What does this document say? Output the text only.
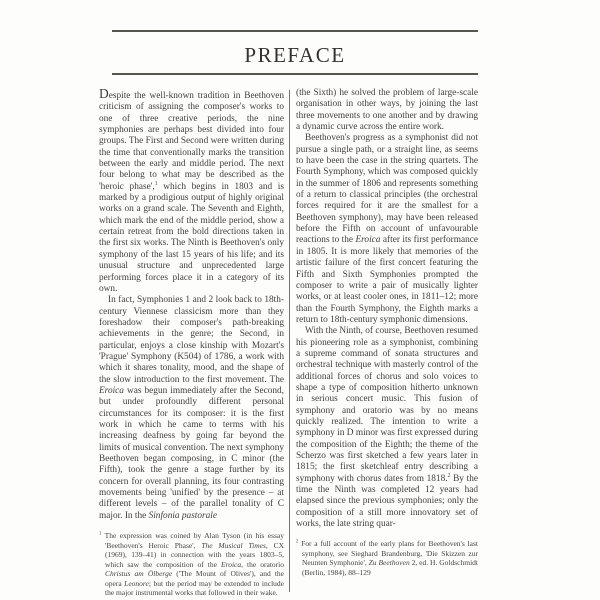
PREFACE

Despite the well-known tradition in Beethoven criticism of assigning the composer's works to one of three creative periods, the nine symphonies are perhaps best divided into four groups. The First and Second were written during the time that conventionally marks the transition between the early and middle period. The next four belong to what may be described as the 'heroic phase',$^1$ which begins in 1803 and is marked by a prodigious output of highly original works on a grand scale. The Seventh and Eighth, which mark the end of the middle period, show a certain retreat from the bold directions taken in the first six works. The Ninth is Beethoven's only symphony of the last 15 years of his life; and its unusual structure and unprecedented large performing forces place it in a category of its own.

In fact, Symphonies 1 and 2 look back to 18th-century Viennese classicism more than they foreshadow their composer's path-breaking achievements in the genre; the Second, in particular, enjoys a close kinship with Mozart's 'Prague' Symphony (K504) of 1786, a work with which it shares tonality, mood, and the shape of the slow introduction to the first movement. The Eroica was begun immediately after the Second, but under profoundly different personal circumstances for its composer: it is the first work in which he came to terms with his increasing deafness by going far beyond the limits of musical convention. The next symphony Beethoven began composing, in C minor (the Fifth), took the genre a stage further by its concern for overall planning, its four contrasting movements being 'unified' by the presence – at different levels – of the parallel tonality of C major. In the Sinfonia pastorale

$^1$ The expression was coined by Alan Tyson (in his essay 'Beethoven's Heroic Phase', The Musical Times, CX (1969), 139–41) in connection with the years 1803–5, which saw the composition of the Eroica, the oratorio Christus am Ölberge ('The Mount of Olives'), and the opera Leonore; but the period may be extended to include the major instrumental works that followed in their wake.

(the Sixth) he solved the problem of large-scale organisation in other ways, by joining the last three movements to one another and by drawing a dynamic curve across the entire work.

Beethoven's progress as a symphonist did not pursue a single path, or a straight line, as seems to have been the case in the string quartets. The Fourth Symphony, which was composed quickly in the summer of 1806 and represents something of a return to classical principles (the orchestral forces required for it are the smallest for a Beethoven symphony), may have been released before the Fifth on account of unfavourable reactions to the Eroica after its first performance in 1805. It is more likely that memories of the artistic failure of the first concert featuring the Fifth and Sixth Symphonies prompted the composer to write a pair of musically lighter works, or at least cooler ones, in 1811–12; more than the Fourth Symphony, the Eighth marks a return to 18th-century symphonic dimensions.

With the Ninth, of course, Beethoven resumed his pioneering role as a symphonist, combining a supreme command of sonata structures and orchestral technique with masterly control of the additional forces of chorus and solo voices to shape a type of composition hitherto unknown in serious concert music. This fusion of symphony and oratorio was by no means quickly realized. The intention to write a symphony in D minor was first expressed during the composition of the Eighth; the theme of the Scherzo was first sketched a few years later in 1815; the first sketchleaf entry describing a symphony with chorus dates from 1818.$^2$ By the time the Ninth was completed 12 years had elapsed since the previous symphonies; only the composition of a still more innovatory set of works, the late string quar-

$^2$ For a full account of the early plans for Beethoven's last symphony, see Sieghard Brandenburg, 'Die Skizzen zur Neunten Symphonie', Zu Beethoven 2, ed. H. Goldschmidt (Berlin, 1984), 88–129
